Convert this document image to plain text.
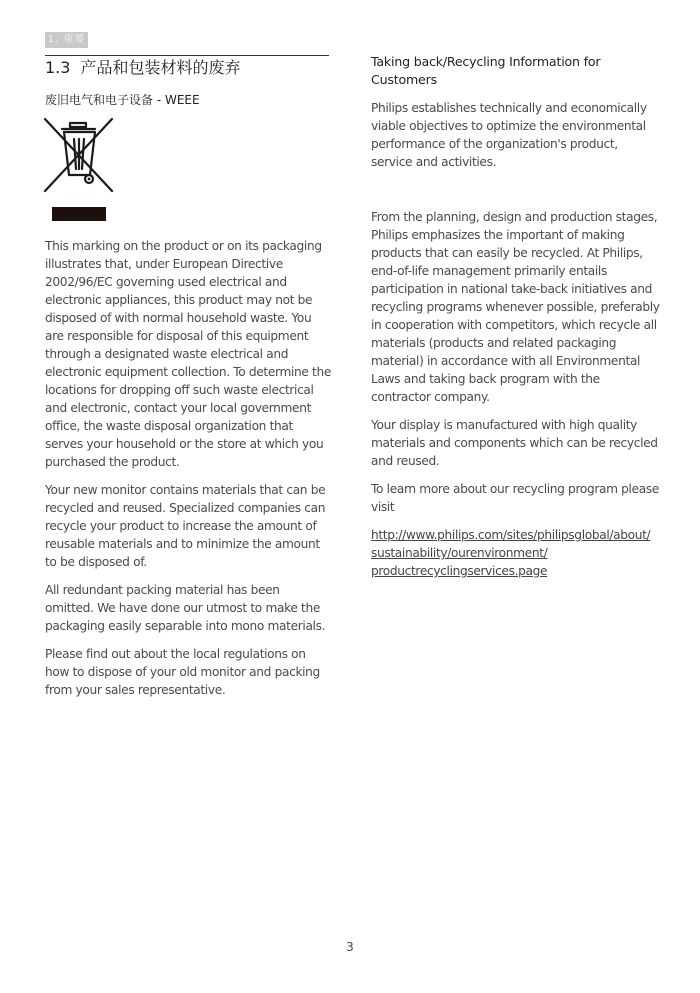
1. 重要
1.3 产品和包装材料的废弃
废旧电气和电子设备 - WEEE

This marking on the product or on its packaging illustrates that, under European Directive 2002/96/EC governing used electrical and electronic appliances, this product may not be disposed of with normal household waste. You are responsible for disposal of this equipment through a designated waste electrical and electronic equipment collection. To determine the locations for dropping off such waste electrical and electronic, contact your local government office, the waste disposal organization that serves your household or the store at which you purchased the product.

Your new monitor contains materials that can be recycled and reused. Specialized companies can recycle your product to increase the amount of reusable materials and to minimize the amount to be disposed of.

All redundant packing material has been omitted. We have done our utmost to make the packaging easily separable into mono materials.

Please find out about the local regulations on how to dispose of your old monitor and packing from your sales representative.

Taking back/Recycling Information for Customers

Philips establishes technically and economically viable objectives to optimize the environmental performance of the organization's product, service and activities.

From the planning, design and production stages, Philips emphasizes the important of making products that can easily be recycled. At Philips, end-of-life management primarily entails participation in national take-back initiatives and recycling programs whenever possible, preferably in cooperation with competitors, which recycle all materials (products and related packaging material) in accordance with all Environmental Laws and taking back program with the contractor company.

Your display is manufactured with high quality materials and components which can be recycled and reused.

To learn more about our recycling program please visit

http://www.philips.com/sites/philipsglobal/about/sustainability/ourenvironment/productrecyclingservices.page

3
